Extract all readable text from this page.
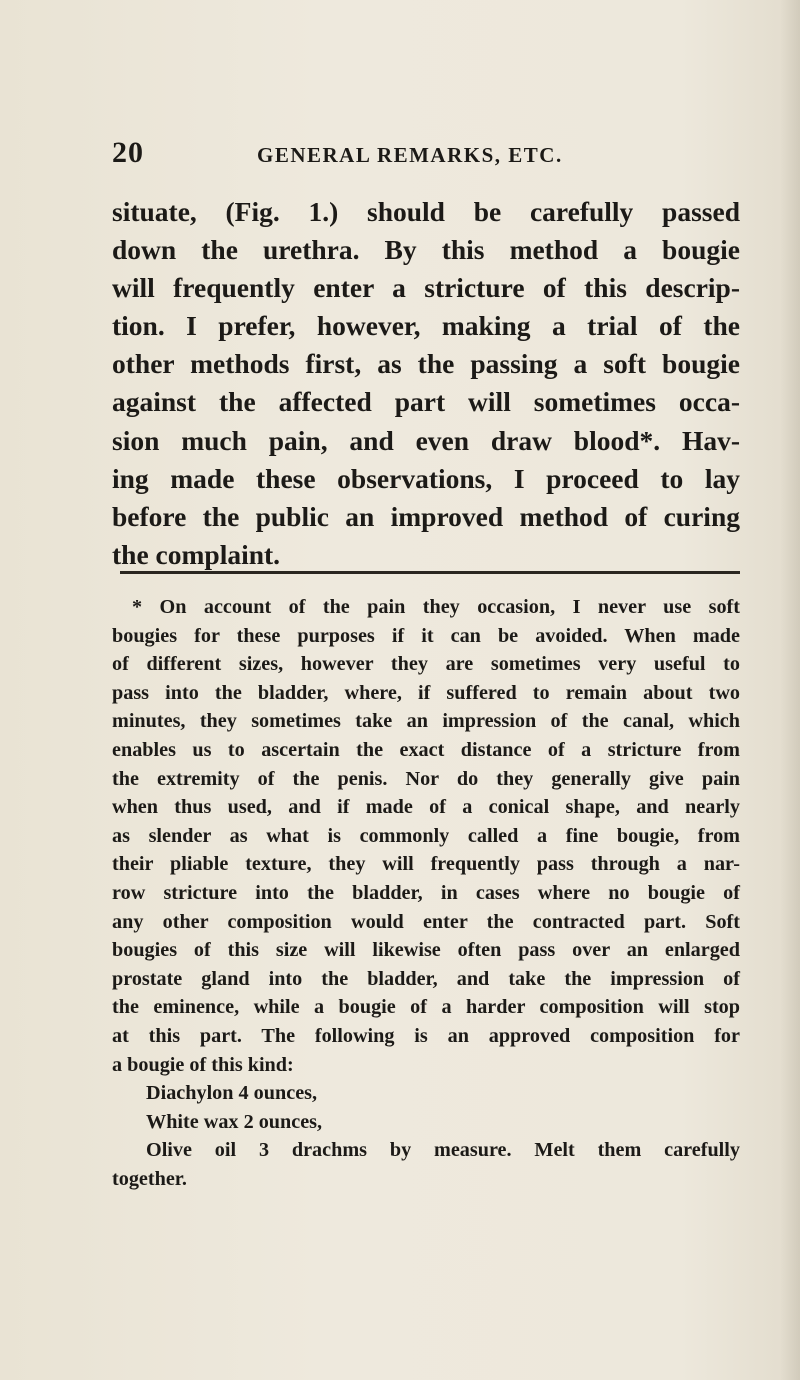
20	GENERAL REMARKS, ETC.
situate, (Fig. 1.) should be carefully passed
down the urethra. By this method a bougie
will frequently enter a stricture of this descrip-
tion. I prefer, however, making a trial of the
other methods first, as the passing a soft bougie
against the affected part will sometimes occa-
sion much pain, and even draw blood*. Hav-
ing made these observations, I proceed to lay
before the public an improved method of curing
the complaint.
* On account of the pain they occasion, I never use soft
bougies for these purposes if it can be avoided. When made
of different sizes, however they are sometimes very useful to
pass into the bladder, where, if suffered to remain about two
minutes, they sometimes take an impression of the canal, which
enables us to ascertain the exact distance of a stricture from
the extremity of the penis. Nor do they generally give pain
when thus used, and if made of a conical shape, and nearly
as slender as what is commonly called a fine bougie, from
their pliable texture, they will frequently pass through a nar-
row stricture into the bladder, in cases where no bougie of
any other composition would enter the contracted part. Soft
bougies of this size will likewise often pass over an enlarged
prostate gland into the bladder, and take the impression of
the eminence, while a bougie of a harder composition will stop
at this part. The following is an approved composition for
a bougie of this kind:
Diachylon 4 ounces,
White wax 2 ounces,
Olive oil 3 drachms by measure. Melt them carefully
together.
